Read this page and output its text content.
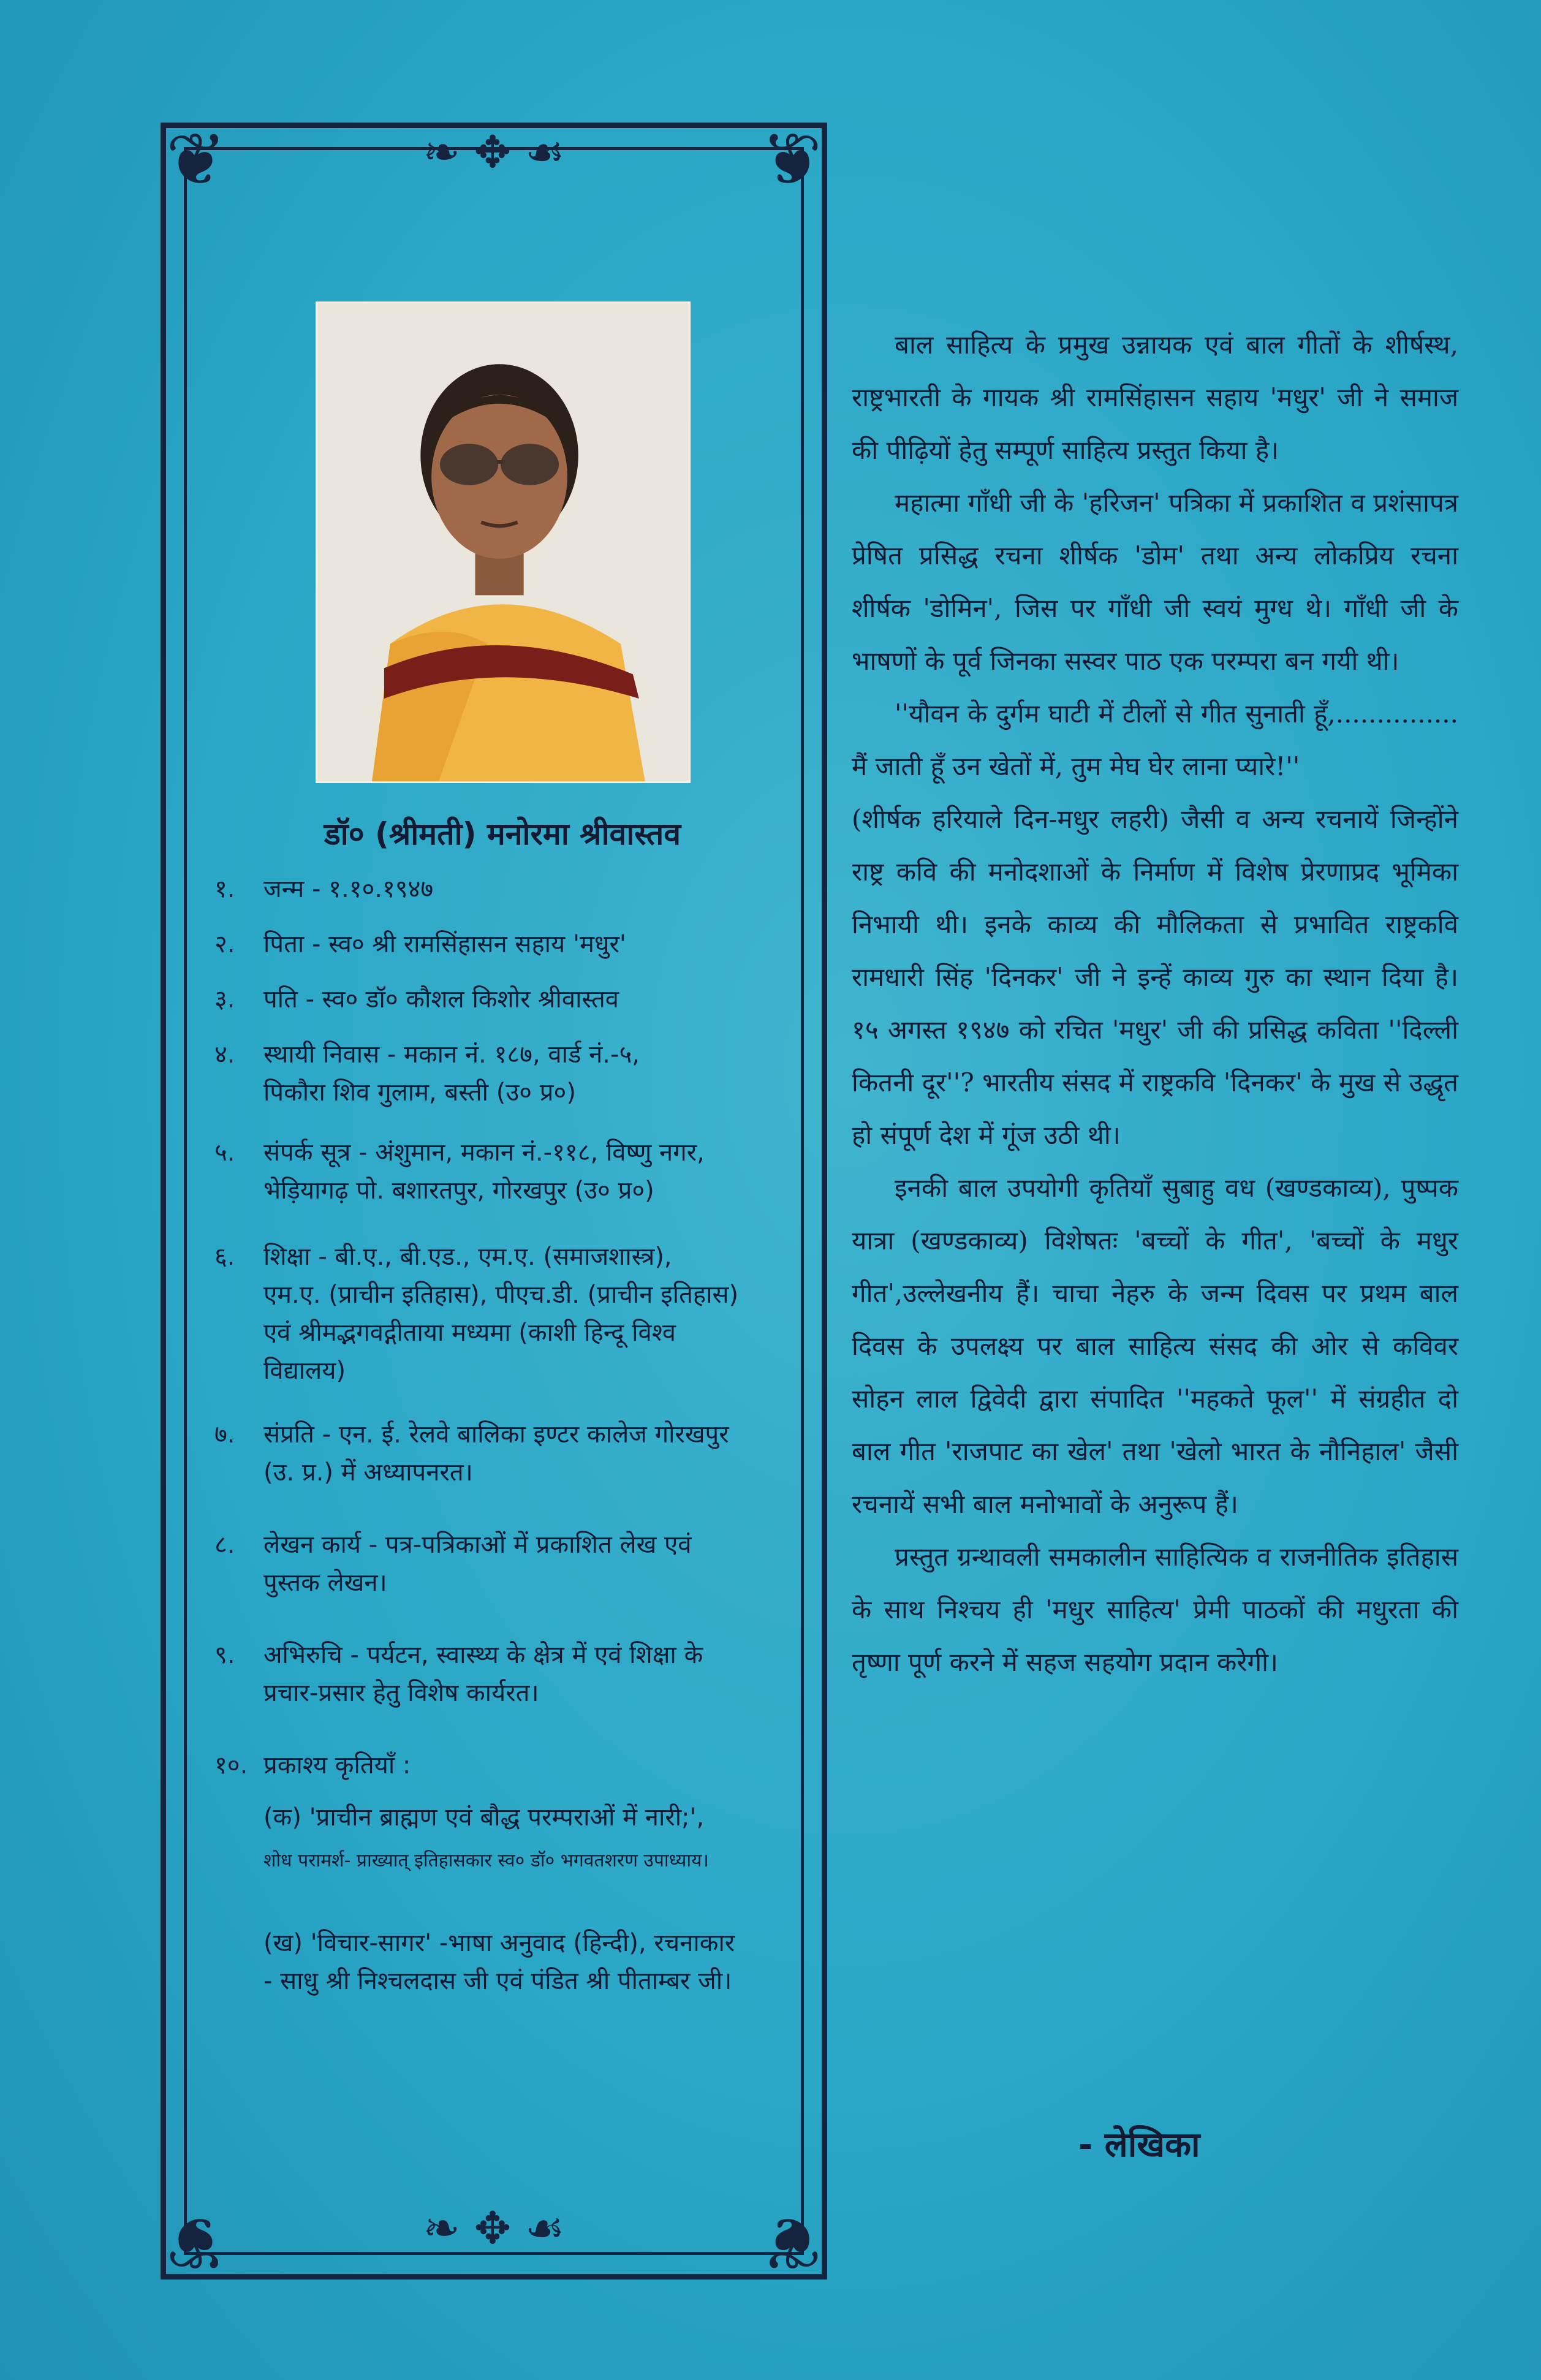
❦	❦
❦	❦
❧ ✥ ☙
❧ ✥ ☙
डॉ० (श्रीमती) मनोरमा श्रीवास्तव
१. जन्म - १.१०.१९४७
२. पिता - स्व० श्री रामसिंहासन सहाय 'मधुर'
३. पति - स्व० डॉ० कौशल किशोर श्रीवास्तव
४. स्थायी निवास - मकान नं. १८७, वार्ड नं.-५,
पिकौरा शिव गुलाम, बस्ती (उ० प्र०)
५. संपर्क सूत्र - अंशुमान, मकान नं.-११८, विष्णु नगर,
भेड़ियागढ़ पो. बशारतपुर, गोरखपुर (उ० प्र०)
६. शिक्षा - बी.ए., बी.एड., एम.ए. (समाजशास्त्र),
एम.ए. (प्राचीन इतिहास), पीएच.डी. (प्राचीन इतिहास)
एवं श्रीमद्भगवद्गीताया मध्यमा (काशी हिन्दू विश्व
विद्यालय)
७. संप्रति - एन. ई. रेलवे बालिका इण्टर कालेज गोरखपुर
(उ. प्र.) में अध्यापनरत।
८. लेखन कार्य - पत्र-पत्रिकाओं में प्रकाशित लेख एवं
पुस्तक लेखन।
९. अभिरुचि - पर्यटन, स्वास्थ्य के क्षेत्र में एवं शिक्षा के
प्रचार-प्रसार हेतु विशेष कार्यरत।
१०. प्रकाश्य कृतियाँ :
(क) 'प्राचीन ब्राह्मण एवं बौद्ध परम्पराओं में नारी;',
शोध परामर्श- प्राख्यात् इतिहासकार स्व० डॉ० भगवतशरण उपाध्याय।
(ख) 'विचार-सागर' -भाषा अनुवाद (हिन्दी), रचनाकार
- साधु श्री निश्चलदास जी एवं पंडित श्री पीताम्बर जी।

बाल साहित्य के प्रमुख उन्नायक एवं बाल गीतों के शीर्षस्थ, राष्ट्रभारती के गायक श्री रामसिंहासन सहाय 'मधुर' जी ने समाज की पीढ़ियों हेतु सम्पूर्ण साहित्य प्रस्तुत किया है।

महात्मा गाँधी जी के 'हरिजन' पत्रिका में प्रकाशित व प्रशंसापत्र प्रेषित प्रसिद्ध रचना शीर्षक 'डोम' तथा अन्य लोकप्रिय रचना शीर्षक 'डोमिन', जिस पर गाँधी जी स्वयं मुग्ध थे। गाँधी जी के भाषणों के पूर्व जिनका सस्वर पाठ एक परम्परा बन गयी थी।

''यौवन के दुर्गम घाटी में टीलों से गीत सुनाती हूँ,............... मैं जाती हूँ उन खेतों में, तुम मेघ घेर लाना प्यारे!''

(शीर्षक हरियाले दिन-मधुर लहरी) जैसी व अन्य रचनायें जिन्होंने राष्ट्र कवि की मनोदशाओं के निर्माण में विशेष प्रेरणाप्रद भूमिका निभायी थी। इनके काव्य की मौलिकता से प्रभावित राष्ट्रकवि रामधारी सिंह 'दिनकर' जी ने इन्हें काव्य गुरु का स्थान दिया है। १५ अगस्त १९४७ को रचित 'मधुर' जी की प्रसिद्ध कविता ''दिल्ली कितनी दूर''? भारतीय संसद में राष्ट्रकवि 'दिनकर' के मुख से उद्धृत हो संपूर्ण देश में गूंज उठी थी।

इनकी बाल उपयोगी कृतियाँ सुबाहु वध (खण्डकाव्य), पुष्पक यात्रा (खण्डकाव्य) विशेषतः 'बच्चों के गीत', 'बच्चों के मधुर गीत',उल्लेखनीय हैं। चाचा नेहरु के जन्म दिवस पर प्रथम बाल दिवस के उपलक्ष्य पर बाल साहित्य संसद की ओर से कविवर सोहन लाल द्विवेदी द्वारा संपादित ''महकते फूल'' में संग्रहीत दो बाल गीत 'राजपाट का खेल' तथा 'खेलो भारत के नौनिहाल' जैसी रचनायें सभी बाल मनोभावों के अनुरूप हैं।

प्रस्तुत ग्रन्थावली समकालीन साहित्यिक व राजनीतिक इतिहास के साथ निश्चय ही 'मधुर साहित्य' प्रेमी पाठकों की मधुरता की तृष्णा पूर्ण करने में सहज सहयोग प्रदान करेगी।

- लेखिका
